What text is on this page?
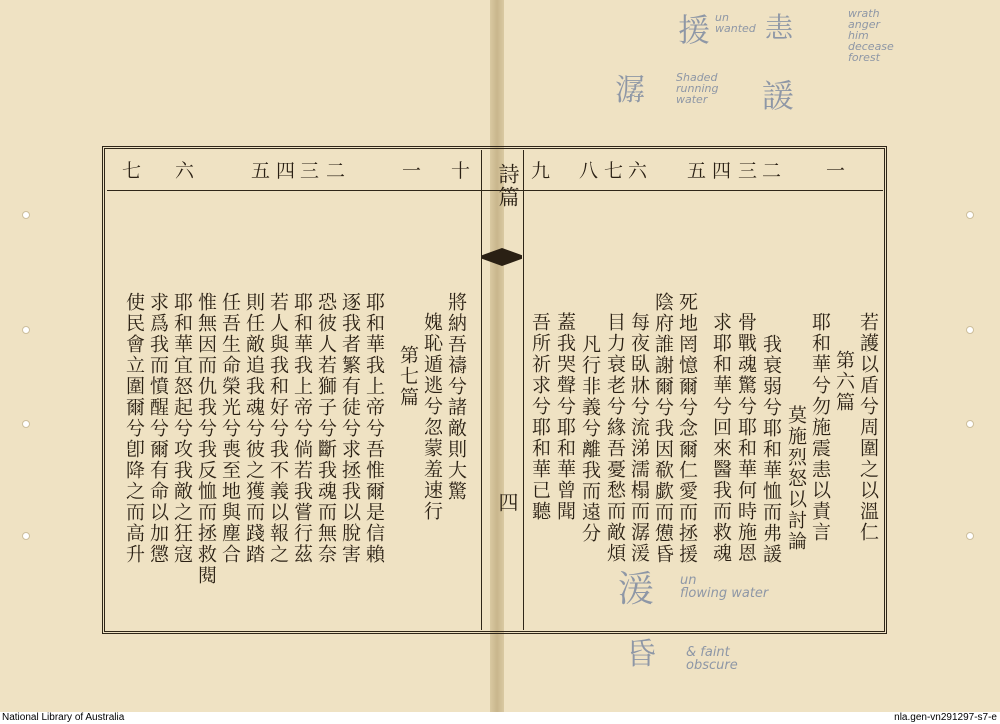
一
二
三
四
五
六
七
八
九
十
一
二
三
四
五
六
七	詩篇
四	若護以盾兮周圍之以溫仁
第六篇
耶和華兮勿施震恚以責言
莫施烈怒以討論
我衰弱兮耶和華恤而弗諼
骨戰魂驚兮耶和華何時施恩
求耶和華兮回來醫我而救魂
死地罔憶爾兮念爾仁愛而拯援
陰府誰謝爾兮我因欷歔而憊昏
每夜臥牀兮流涕濡榻而潺湲
目力衰老兮緣吾憂愁而敵煩
凡行非義兮離我而遠分
蓋我哭聲兮耶和華曾聞
吾所祈求兮耶和華已聽
將納吾禱兮諸敵則大驚
媿恥遁逃兮忽蒙羞速行
第七篇
耶和華我上帝兮吾惟爾是信賴
逐我者繁有徒兮求拯我以脫害
恐彼人若獅子兮斷我魂而無奈
耶和華我上帝兮倘若我嘗行茲
若人與我和好兮我不義以報之
則任敵追我魂兮彼之獲而踐踏
任吾生命榮光兮喪至地與塵合
惟無因而仇我兮我反恤而拯救閱
耶和華宜怒起兮攻我敵之狂寇
求爲我而憤醒兮爾有命以加懲
使民會立圍爾兮卽降之而高升
援 un
wanted 恚	wrath
anger
him
decease
forest
潺	Shaded
running
water	諼
湲 un
flowing water
昏 & faint
obscure
National Library of Australia	nla.gen-vn291297-s7-e
